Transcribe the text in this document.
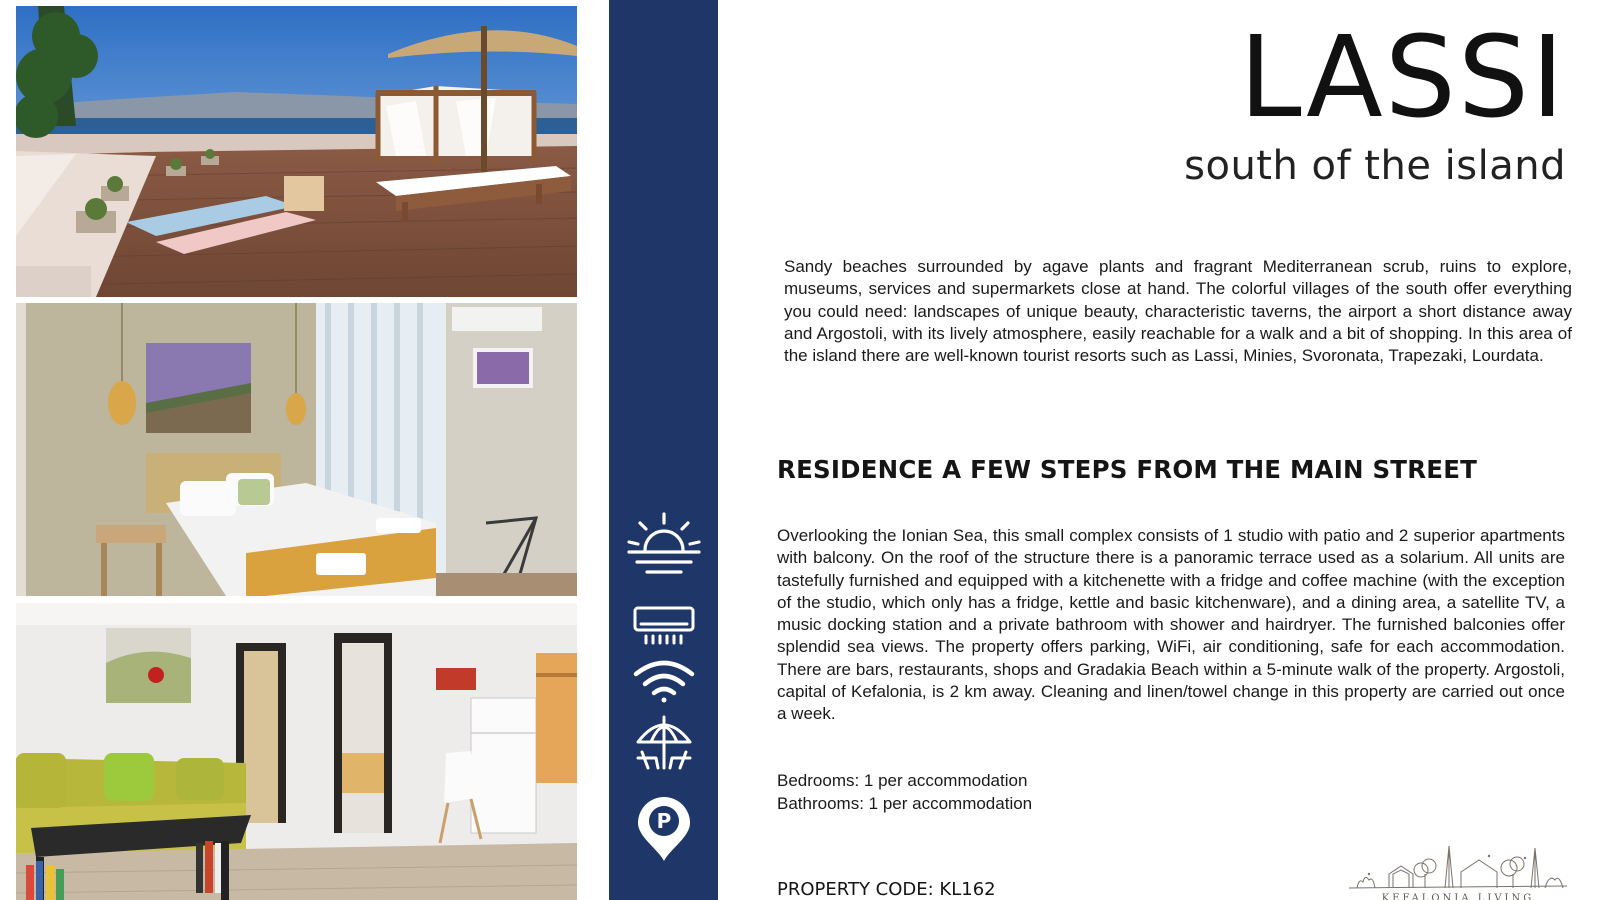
P
LASSI
south of the island

Sandy beaches surrounded by agave plants and fragrant Mediterranean scrub, ruins to explore, museums, services and supermarkets close at hand. The colorful villages of the south offer everything you could need: landscapes of unique beauty, characteristic taverns, the airport a short distance away and Argostoli, with its lively atmosphere, easily reachable for a walk and a bit of shopping. In this area of the island there are well-known tourist resorts such as Lassi, Minies, Svoronata, Trapezaki, Lourdata.

RESIDENCE A FEW STEPS FROM THE MAIN STREET

Overlooking the Ionian Sea, this small complex consists of 1 studio with patio and 2 superior apartments with balcony. On the roof of the structure there is a panoramic terrace used as a solarium. All units are tastefully furnished and equipped with a kitchenette with a fridge and coffee machine (with the exception of the studio, which only has a fridge, kettle and basic kitchenware), and a dining area, a satellite TV, a music docking station and a private bathroom with shower and hairdryer. The furnished balconies offer splendid sea views. The property offers parking, WiFi, air conditioning, safe for each accommodation. There are bars, restaurants, shops and Gradakia Beach within a 5-minute walk of the property. Argostoli, capital of Kefalonia, is 2 km away. Cleaning and linen/towel change in this property are carried out once a week.

Bedrooms: 1 per accommodation
Bathrooms: 1 per accommodation
PROPERTY CODE: KL162	KEFALONIA LIVING
